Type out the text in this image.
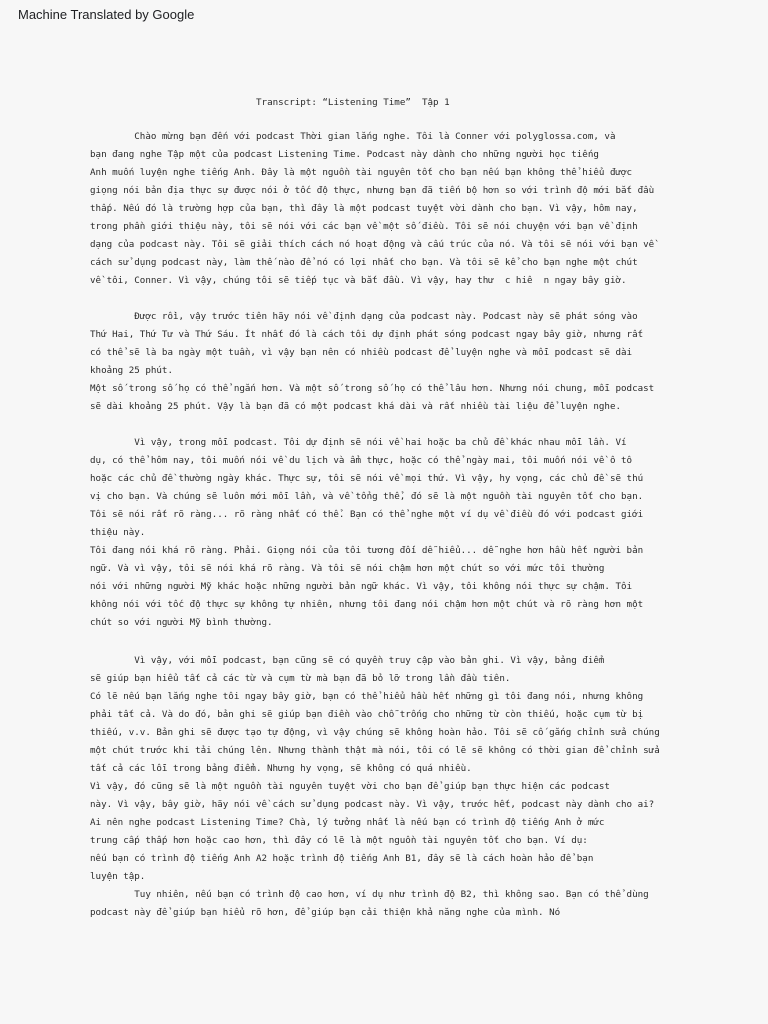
Machine Translated by Google
Transcript: “Listening Time”  Tập 1
Chào mừng bạn đến với podcast Thời gian lắng nghe. Tôi là Conner với polyglossa.com, và
bạn đang nghe Tập một của podcast Listening Time. Podcast này dành cho những người học tiếng
Anh muốn luyện nghe tiếng Anh. Đây là một nguồn tài nguyên tốt cho bạn nếu bạn không thể hiểu được
giọng nói bản địa thực sự được nói ở tốc độ thực, nhưng bạn đã tiến bộ hơn so với trình độ mới bắt đầu
thấp. Nếu đó là trường hợp của bạn, thì đây là một podcast tuyệt vời dành cho bạn. Vì vậy, hôm nay,
trong phần giới thiệu này, tôi sẽ nói với các bạn về một số điều. Tôi sẽ nói chuyện với bạn về định
dạng của podcast này. Tôi sẽ giải thích cách nó hoạt động và cấu trúc của nó. Và tôi sẽ nói với bạn về
cách sử dụng podcast này, làm thế nào để nó có lợi nhất cho bạn. Và tôi sẽ kể cho bạn nghe một chút
về tôi, Conner. Vì vậy, chúng tôi sẽ tiếp tục và bắt đầu. Vì vậy, hay thư  c hiê  n ngay bây giờ.
Được rồi, vậy trước tiên hãy nói về định dạng của podcast này. Podcast này sẽ phát sóng vào
Thứ Hai, Thứ Tư và Thứ Sáu. Ít nhất đó là cách tôi dự định phát sóng podcast ngay bây giờ, nhưng rất
có thể sẽ là ba ngày một tuần, vì vậy bạn nên có nhiều podcast để luyện nghe và mỗi podcast sẽ dài
khoảng 25 phút.
Một số trong số họ có thể ngắn hơn. Và một số trong số họ có thể lâu hơn. Nhưng nói chung, mỗi podcast
sẽ dài khoảng 25 phút. Vậy là bạn đã có một podcast khá dài và rất nhiều tài liệu để luyện nghe.
Vì vậy, trong mỗi podcast. Tôi dự định sẽ nói về hai hoặc ba chủ đề khác nhau mỗi lần. Ví
dụ, có thể hôm nay, tôi muốn nói về du lịch và ẩm thực, hoặc có thể ngày mai, tôi muốn nói về ô tô
hoặc các chủ đề thường ngày khác. Thực sự, tôi sẽ nói về mọi thứ. Vì vậy, hy vọng, các chủ đề sẽ thú
vị cho bạn. Và chúng sẽ luôn mới mỗi lần, và về tổng thể, đó sẽ là một nguồn tài nguyên tốt cho bạn.
Tôi sẽ nói rất rõ ràng... rõ ràng nhất có thể. Bạn có thể nghe một ví dụ về điều đó với podcast giới
thiệu này.
Tôi đang nói khá rõ ràng. Phải. Giọng nói của tôi tương đối dễ hiểu... dễ nghe hơn hầu hết người bản
ngữ. Và vì vậy, tôi sẽ nói khá rõ ràng. Và tôi sẽ nói chậm hơn một chút so với mức tôi thường
nói với những người Mỹ khác hoặc những người bản ngữ khác. Vì vậy, tôi không nói thực sự chậm. Tôi
không nói với tốc độ thực sự không tự nhiên, nhưng tôi đang nói chậm hơn một chút và rõ ràng hơn một
chút so với người Mỹ bình thường.
Vì vậy, với mỗi podcast, bạn cũng sẽ có quyền truy cập vào bản ghi. Vì vậy, bảng điểm
sẽ giúp bạn hiểu tất cả các từ và cụm từ mà bạn đã bỏ lỡ trong lần đầu tiên.
Có lẽ nếu bạn lắng nghe tôi ngay bây giờ, bạn có thể hiểu hầu hết những gì tôi đang nói, nhưng không
phải tất cả. Và do đó, bản ghi sẽ giúp bạn điền vào chỗ trống cho những từ còn thiếu, hoặc cụm từ bị
thiếu, v.v. Bản ghi sẽ được tạo tự động, vì vậy chúng sẽ không hoàn hảo. Tôi sẽ cố gắng chỉnh sửa chúng
một chút trước khi tải chúng lên. Nhưng thành thật mà nói, tôi có lẽ sẽ không có thời gian để chỉnh sửa
tất cả các lỗi trong bảng điểm. Nhưng hy vọng, sẽ không có quá nhiều.
Vì vậy, đó cũng sẽ là một nguồn tài nguyên tuyệt vời cho bạn để giúp bạn thực hiện các podcast
này. Vì vậy, bây giờ, hãy nói về cách sử dụng podcast này. Vì vậy, trước hết, podcast này dành cho ai?
Ai nên nghe podcast Listening Time? Chà, lý tưởng nhất là nếu bạn có trình độ tiếng Anh ở mức
trung cấp thấp hơn hoặc cao hơn, thì đây có lẽ là một nguồn tài nguyên tốt cho bạn. Ví dụ:
nếu bạn có trình độ tiếng Anh A2 hoặc trình độ tiếng Anh B1, đây sẽ là cách hoàn hảo để bạn
luyện tập.
Tuy nhiên, nếu bạn có trình độ cao hơn, ví dụ như trình độ B2, thì không sao. Bạn có thể dùng
podcast này để giúp bạn hiểu rõ hơn, để giúp bạn cải thiện khả năng nghe của mình. Nó
